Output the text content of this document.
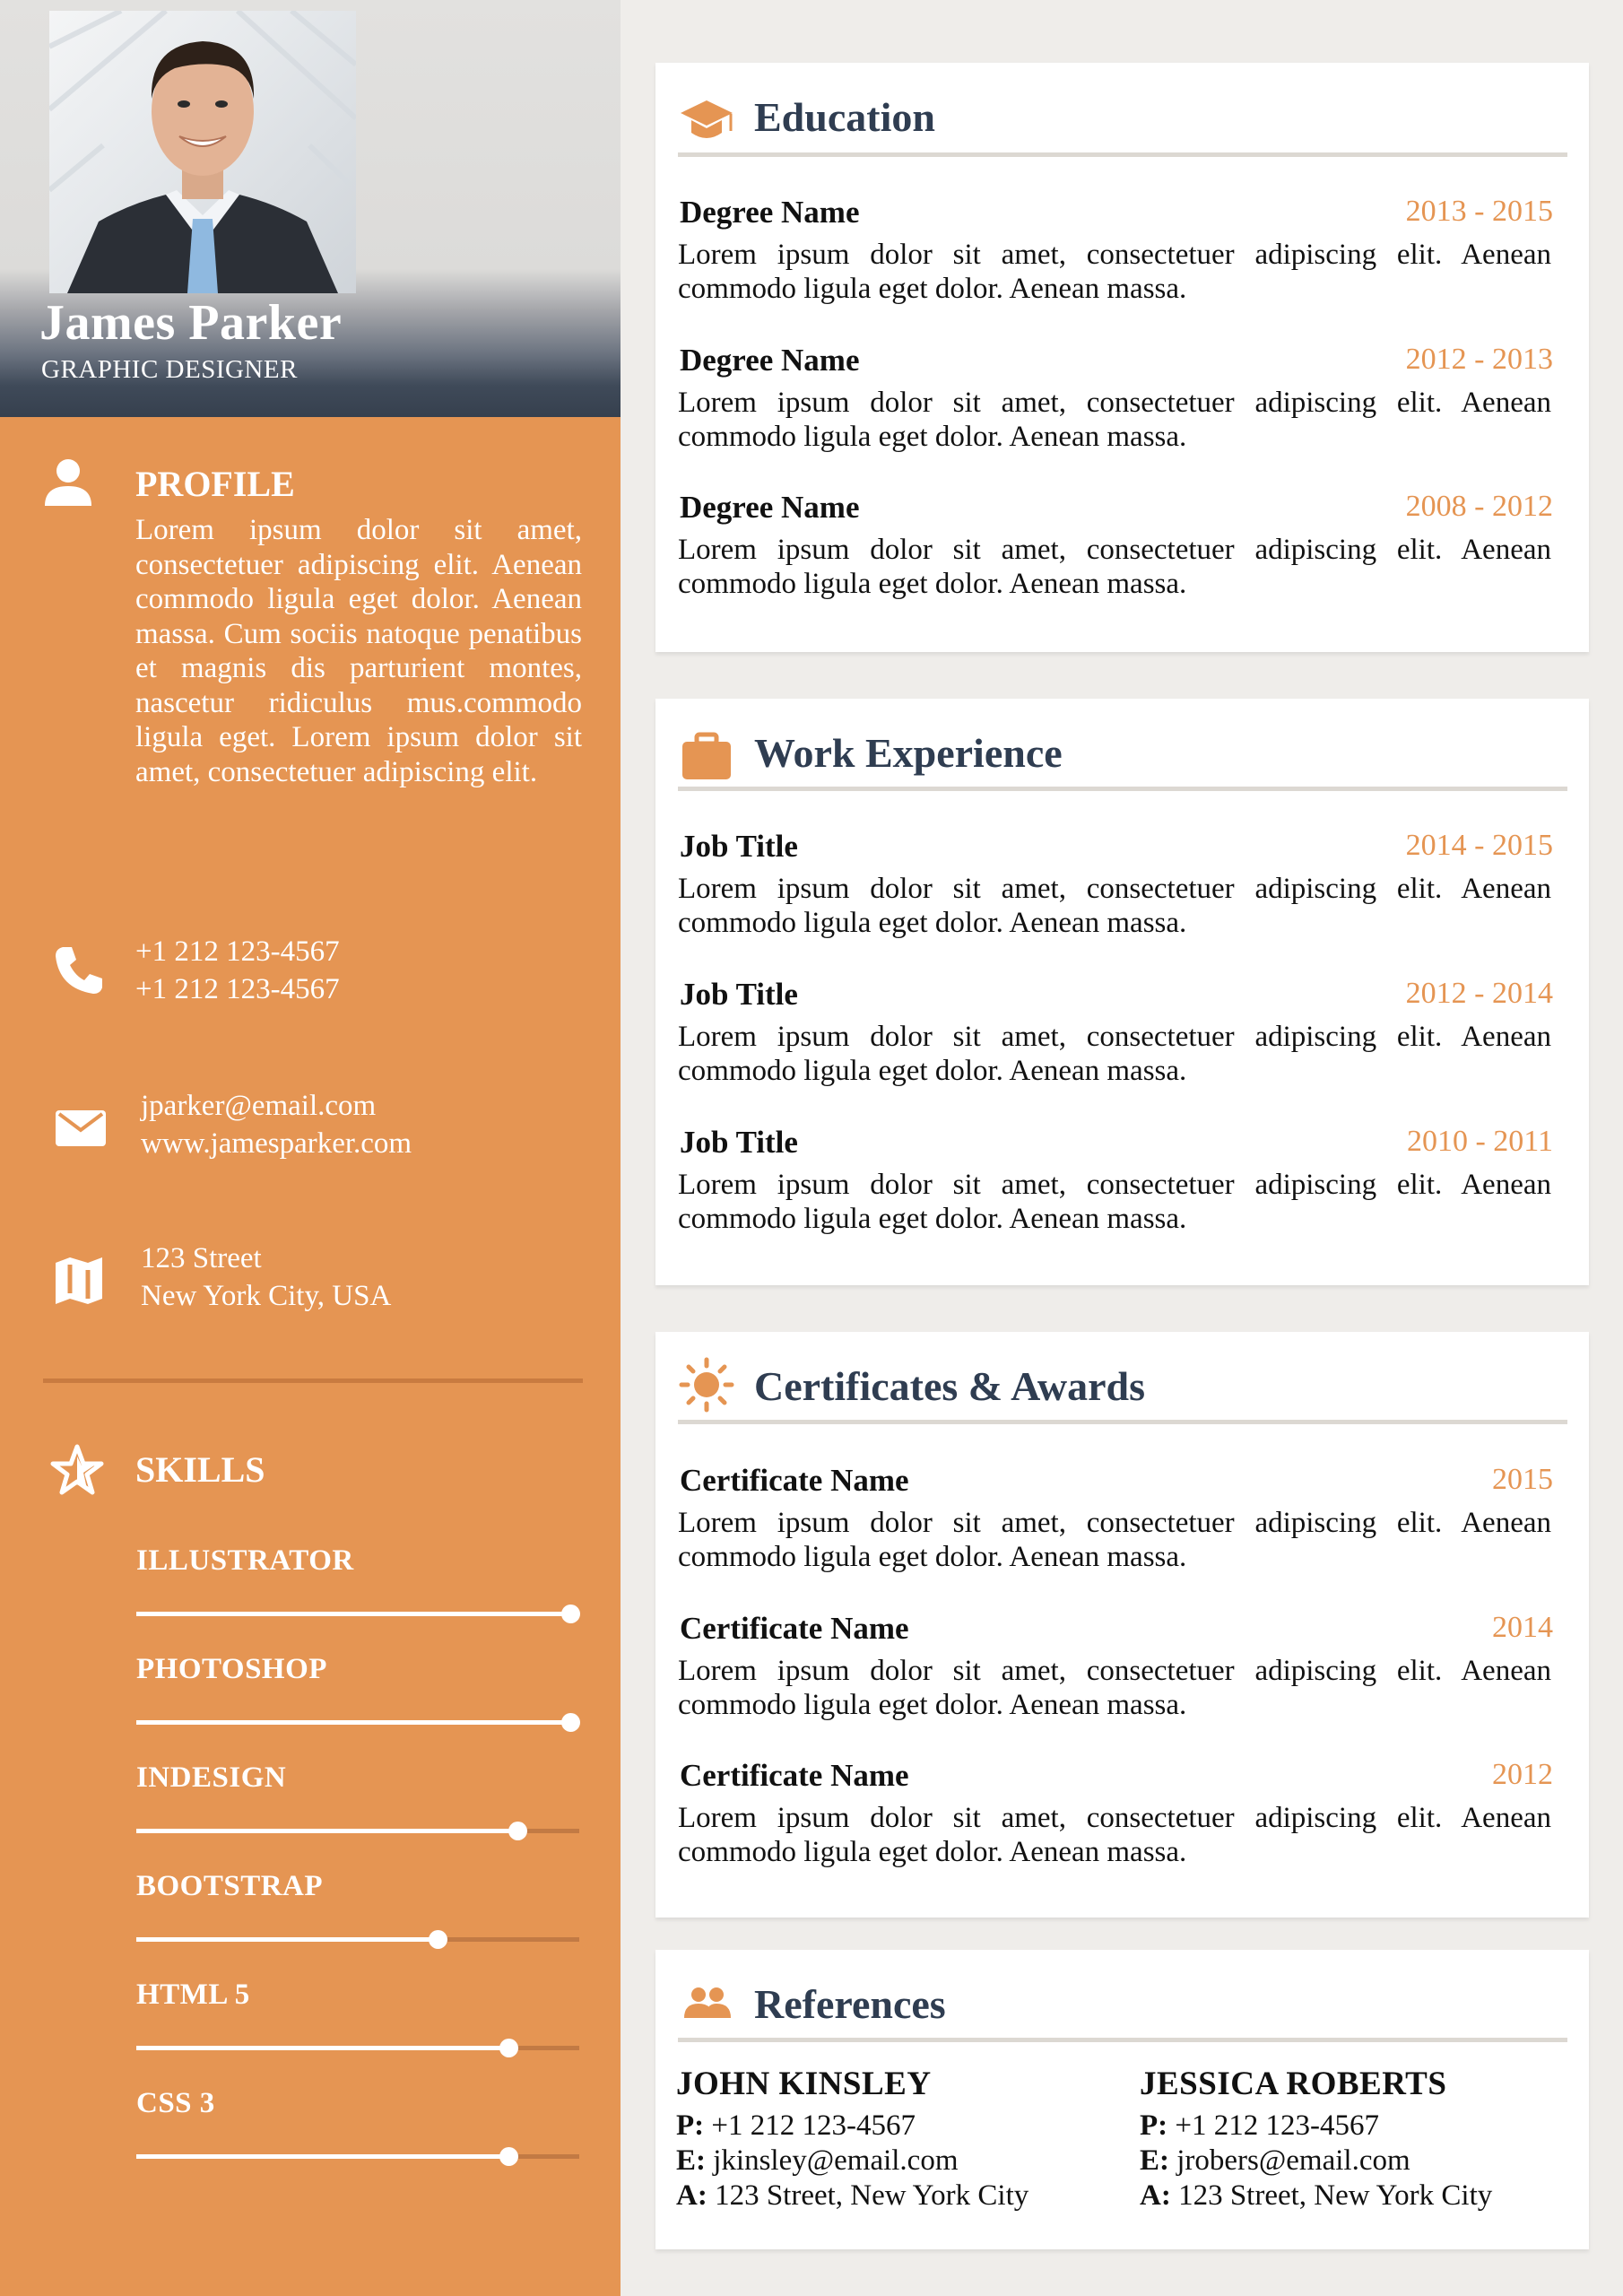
James Parker
GRAPHIC DESIGNER
PROFILE
Lorem ipsum dolor sit amet, consectetuer adipiscing elit. Aenean commodo ligula eget dolor. Aenean massa. Cum sociis natoque penatibus et magnis dis parturient montes, nascetur ridiculus mus.commodo ligula eget. Lorem ipsum dolor sit amet, consectetuer adipiscing elit.
+1 212 123-4567
+1 212 123-4567
jparker@email.com
www.jamesparker.com
123 Street
New York City, USA
SKILLS
ILLUSTRATOR
PHOTOSHOP
INDESIGN
BOOTSTRAP
HTML 5
CSS 3
Education
Degree Name	2013 - 2015
Lorem ipsum dolor sit amet, consectetuer adipiscing elit. Aenean commodo ligula eget dolor. Aenean massa.
Degree Name	2012 - 2013
Lorem ipsum dolor sit amet, consectetuer adipiscing elit. Aenean commodo ligula eget dolor. Aenean massa.
Degree Name	2008 - 2012
Lorem ipsum dolor sit amet, consectetuer adipiscing elit. Aenean commodo ligula eget dolor. Aenean massa.
Work Experience
Job Title	2014 - 2015
Lorem ipsum dolor sit amet, consectetuer adipiscing elit. Aenean commodo ligula eget dolor. Aenean massa.
Job Title	2012 - 2014
Lorem ipsum dolor sit amet, consectetuer adipiscing elit. Aenean commodo ligula eget dolor. Aenean massa.
Job Title	2010 - 2011
Lorem ipsum dolor sit amet, consectetuer adipiscing elit. Aenean commodo ligula eget dolor. Aenean massa.
Certificates & Awards
Certificate Name	2015
Lorem ipsum dolor sit amet, consectetuer adipiscing elit. Aenean commodo ligula eget dolor. Aenean massa.
Certificate Name	2014
Lorem ipsum dolor sit amet, consectetuer adipiscing elit. Aenean commodo ligula eget dolor. Aenean massa.
Certificate Name	2012
Lorem ipsum dolor sit amet, consectetuer adipiscing elit. Aenean commodo ligula eget dolor. Aenean massa.
References
JOHN KINSLEY
P: +1 212 123-4567
E: jkinsley@email.com
A: 123 Street, New York City
JESSICA ROBERTS
P: +1 212 123-4567
E: jrobers@email.com
A: 123 Street, New York City
